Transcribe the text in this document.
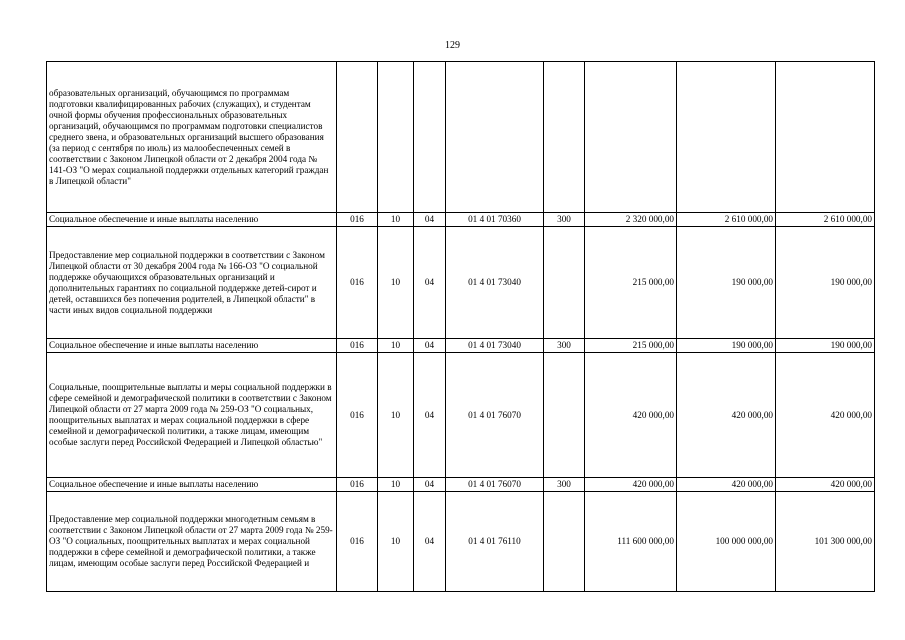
129
образовательных организаций, обучающимся по программам подготовки квалифицированных рабочих (служащих), и студентам очной формы обучения профессиональных образовательных организаций, обучающимся по программам подготовки специалистов среднего звена, и образовательных организаций высшего образования (за период с сентября по июль) из малообеспеченных семей в соответствии с Законом Липецкой области от 2 декабря 2004 года № 141-ОЗ "О мерах социальной поддержки отдельных категорий граждан в Липецкой области"								
Социальное обеспечение и иные выплаты населению	016	10	04	01 4 01 70360	300	2 320 000,00	2 610 000,00	2 610 000,00
Предоставление мер социальной поддержки в соответствии с Законом Липецкой области от 30 декабря 2004 года № 166-ОЗ "О социальной поддержке обучающихся образовательных организаций и дополнительных гарантиях по социальной поддержке детей-сирот и детей, оставшихся без попечения родителей, в Липецкой области" в части иных видов социальной поддержки	016	10	04	01 4 01 73040		215 000,00	190 000,00	190 000,00
Социальное обеспечение и иные выплаты населению	016	10	04	01 4 01 73040	300	215 000,00	190 000,00	190 000,00
Социальные, поощрительные выплаты и меры социальной поддержки в сфере семейной и демографической политики в соответствии с Законом Липецкой области от 27 марта 2009 года № 259-ОЗ "О социальных, поощрительных выплатах и мерах социальной поддержки в сфере семейной и демографической политики, а также лицам, имеющим особые заслуги перед Российской Федерацией и Липецкой областью"	016	10	04	01 4 01 76070		420 000,00	420 000,00	420 000,00
Социальное обеспечение и иные выплаты населению	016	10	04	01 4 01 76070	300	420 000,00	420 000,00	420 000,00
Предоставление мер социальной поддержки многодетным семьям в соответствии с Законом Липецкой области от 27 марта 2009 года № 259-ОЗ "О социальных, поощрительных выплатах и мерах социальной поддержки в сфере семейной и демографической политики, а также лицам, имеющим особые заслуги перед Российской Федерацией и	016	10	04	01 4 01 76110		111 600 000,00	100 000 000,00	101 300 000,00
